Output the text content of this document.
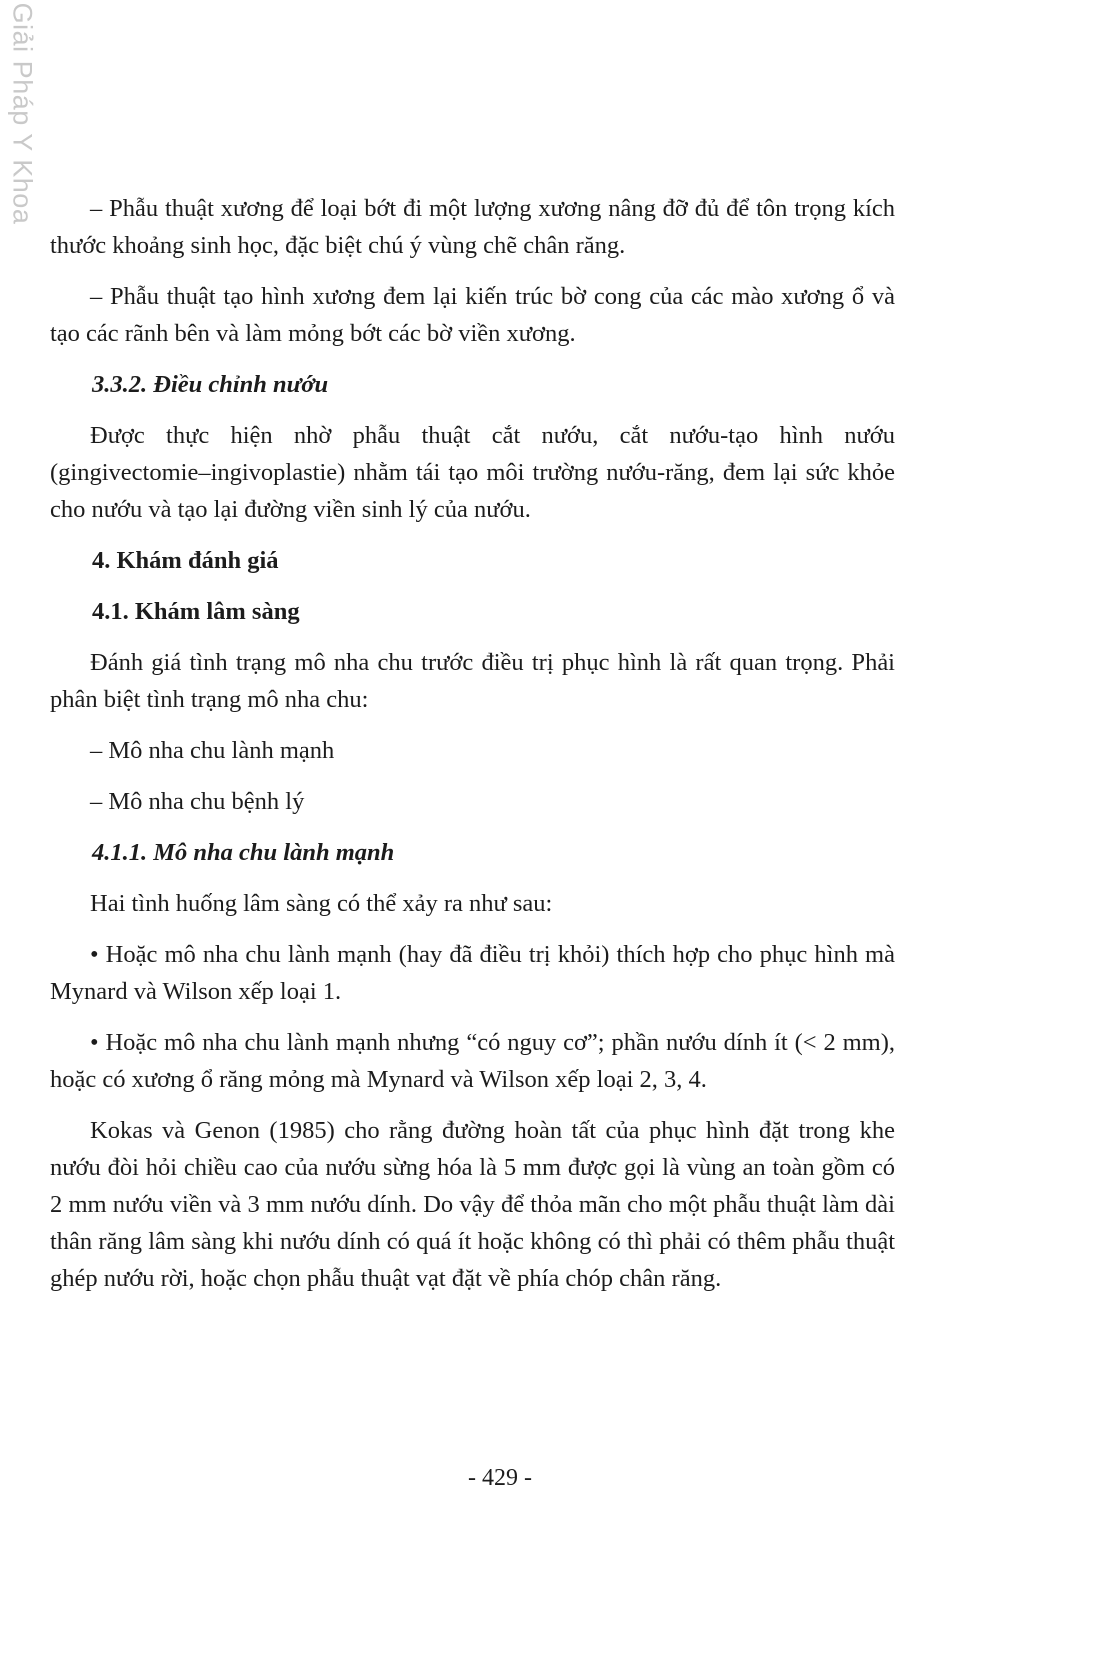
Giải Pháp Y Khoa	– Phẫu thuật xương để loại bớt đi một lượng xương nâng đỡ đủ để tôn trọng kích thước khoảng sinh học, đặc biệt chú ý vùng chẽ chân răng.

– Phẫu thuật tạo hình xương đem lại kiến trúc bờ cong của các mào xương ổ và tạo các rãnh bên và làm mỏng bớt các bờ viền xương.

3.3.2. Điều chỉnh nướu

Được thực hiện nhờ phẫu thuật cắt nướu, cắt nướu-tạo hình nướu (gingivectomie–ingivoplastie) nhằm tái tạo môi trường nướu-răng, đem lại sức khỏe cho nướu và tạo lại đường viền sinh lý của nướu.

4. Khám đánh giá

4.1. Khám lâm sàng

Đánh giá tình trạng mô nha chu trước điều trị phục hình là rất quan trọng. Phải phân biệt tình trạng mô nha chu:

– Mô nha chu lành mạnh

– Mô nha chu bệnh lý

4.1.1. Mô nha chu lành mạnh

Hai tình huống lâm sàng có thể xảy ra như sau:

• Hoặc mô nha chu lành mạnh (hay đã điều trị khỏi) thích hợp cho phục hình mà Mynard và Wilson xếp loại 1.

• Hoặc mô nha chu lành mạnh nhưng “có nguy cơ”; phần nướu dính ít (< 2 mm), hoặc có xương ổ răng mỏng mà Mynard và Wilson xếp loại 2, 3, 4.

Kokas và Genon (1985) cho rằng đường hoàn tất của phục hình đặt trong khe nướu đòi hỏi chiều cao của nướu sừng hóa là 5 mm được gọi là vùng an toàn gồm có 2 mm nướu viền và 3 mm nướu dính. Do vậy để thỏa mãn cho một phẫu thuật làm dài thân răng lâm sàng khi nướu dính có quá ít hoặc không có thì phải có thêm phẫu thuật ghép nướu rời, hoặc chọn phẫu thuật vạt đặt về phía chóp chân răng.

- 429 -
